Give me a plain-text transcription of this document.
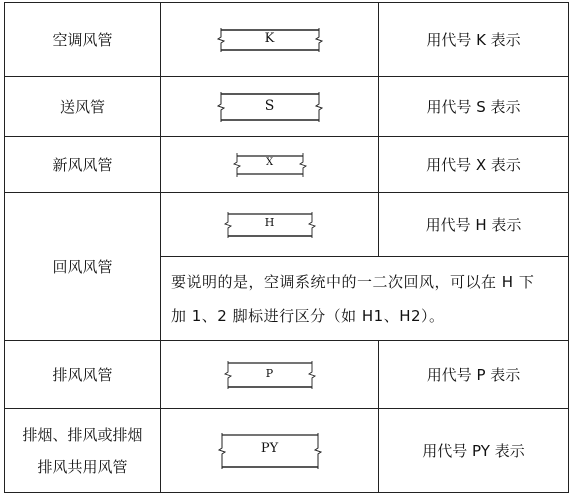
空调风管	K	用代号 K 表示
送风管	S	用代号 S 表示
新风风管	X	用代号 X 表示
回风风管	H	用代号 H 表示

	要说明的是，空调系统中的一二次回风，可以在 H 下
加 1、2 脚标进行区分（如 H1、H2）。	

排风风管	P	用代号 P 表示

排烟、排风或排烟
排风共用风管	PY	用代号 PY 表示
